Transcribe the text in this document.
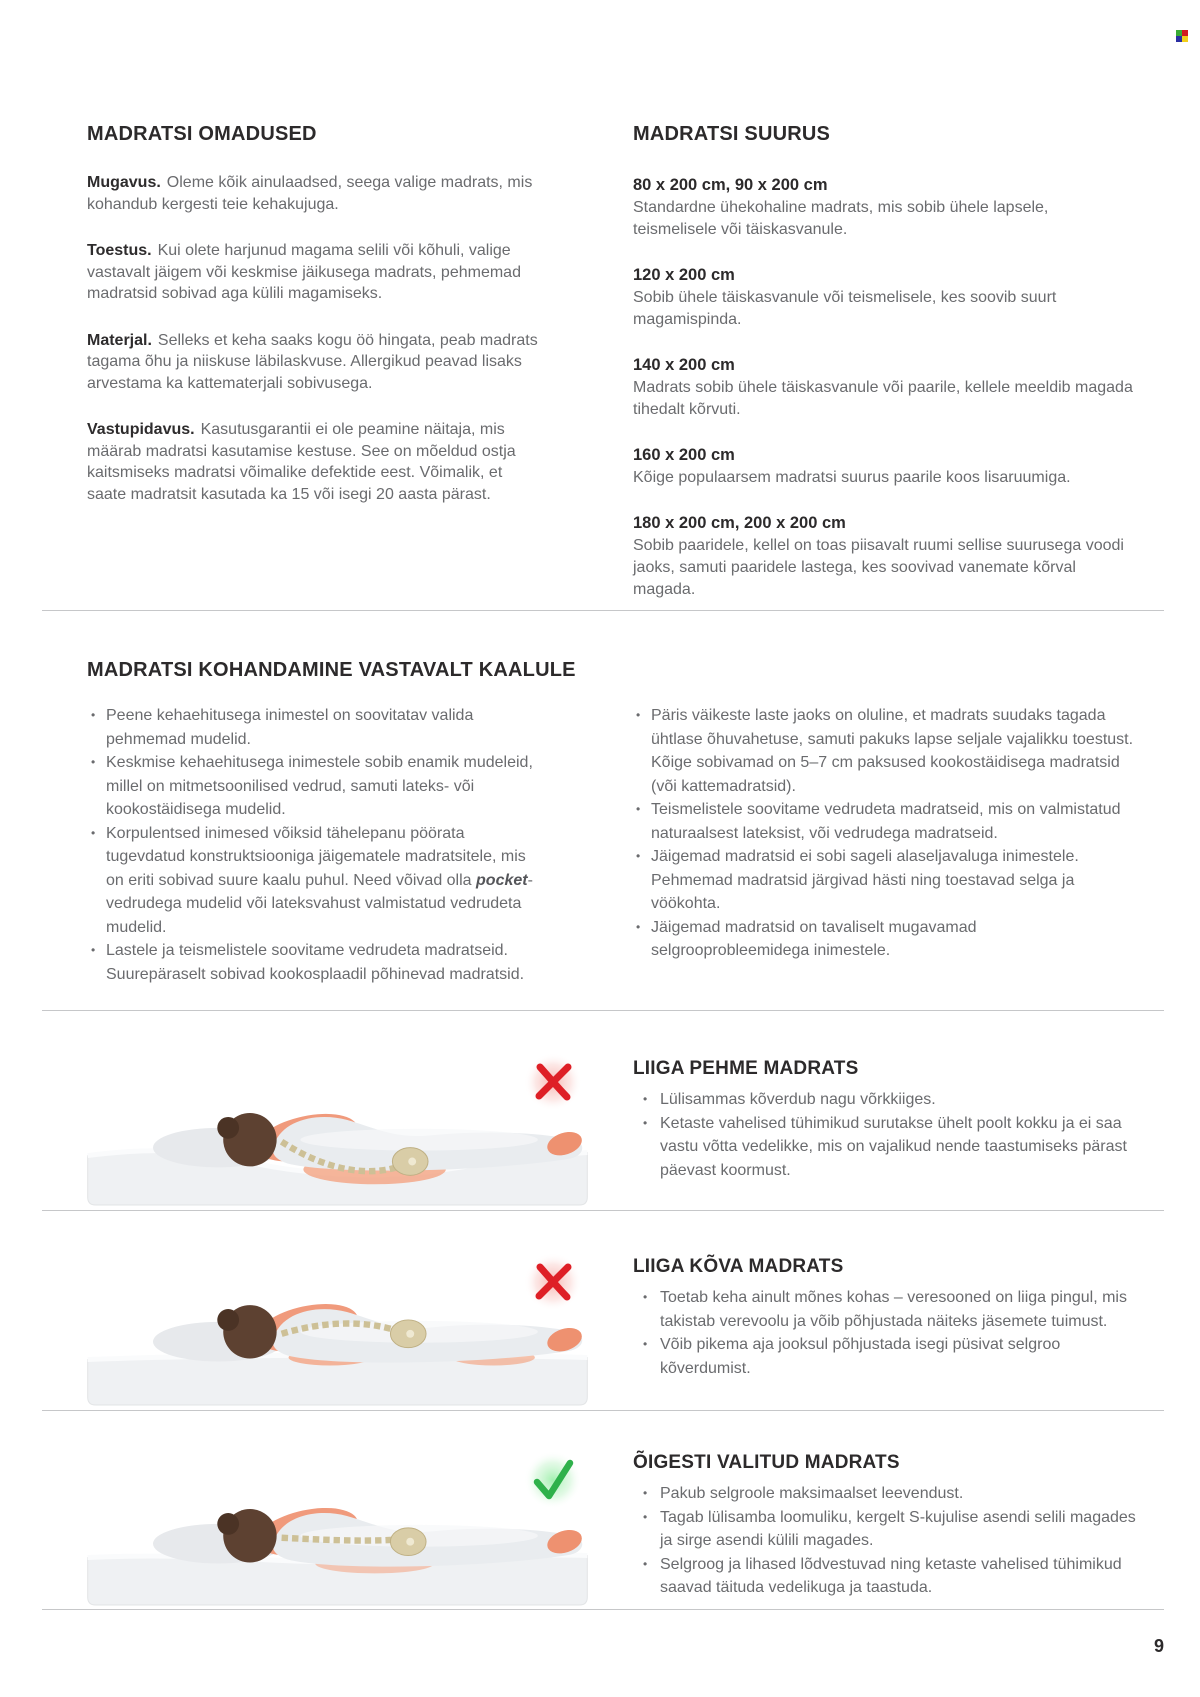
MADRATSI OMADUSED

Mugavus. Oleme kõik ainulaadsed, seega valige madrats, mis kohandub kergesti teie kehakujuga.

Toestus. Kui olete harjunud magama selili või kõhuli, valige vastavalt jäigem või keskmise jäikusega madrats, pehmemad madratsid sobivad aga külili magamiseks.

Materjal. Selleks et keha saaks kogu öö hingata, peab madrats tagama õhu ja niiskuse läbilaskvuse. Allergikud peavad lisaks arvestama ka kattematerjali sobivusega.

Vastupidavus. Kasutusgarantii ei ole peamine näitaja, mis määrab madratsi kasutamise kestuse. See on mõeldud ostja kaitsmiseks madratsi võimalike defektide eest. Võimalik, et saate madratsit kasutada ka 15 või isegi 20 aasta pärast.

MADRATSI SUURUS
80 x 200 cm, 90 x 200 cm

Standardne ühekohaline madrats, mis sobib ühele lapsele, teismelisele või täiskasvanule.

120 x 200 cm

Sobib ühele täiskasvanule või teismelisele, kes soovib suurt magamispinda.

140 x 200 cm

Madrats sobib ühele täiskasvanule või paarile, kellele meeldib magada tihedalt kõrvuti.

160 x 200 cm

Kõige populaarsem madratsi suurus paarile koos lisaruumiga.

180 x 200 cm, 200 x 200 cm

Sobib paaridele, kellel on toas piisavalt ruumi sellise suurusega voodi jaoks, samuti paaridele lastega, kes soovivad vanemate kõrval magada.

MADRATSI KOHANDAMINE VASTAVALT KAALULE
• Peene kehaehitusega inimestel on soovitatav valida pehmemad mudelid.
• Keskmise kehaehitusega inimestele sobib enamik mudeleid, millel on mitmetsoonilised vedrud, samuti lateks- või kookostäidisega mudelid.
• Korpulentsed inimesed võiksid tähelepanu pöörata tugevdatud konstruktsiooniga jäigematele madratsitele, mis on eriti sobivad suure kaalu puhul. Need võivad olla pocket-vedrudega mudelid või lateksvahust valmistatud vedrudeta mudelid.
• Lastele ja teismelistele soovitame vedrudeta madratseid. Suurepäraselt sobivad kookosplaadil põhinevad madratsid.
• Päris väikeste laste jaoks on oluline, et madrats suudaks tagada ühtlase õhuvahetuse, samuti pakuks lapse seljale vajalikku toestust. Kõige sobivamad on 5–7 cm paksused kookostäidisega madratsid (või kattemadratsid).
• Teismelistele soovitame vedrudeta madratseid, mis on valmistatud naturaalsest lateksist, või vedrudega madratseid.
• Jäigemad madratsid ei sobi sageli alaseljavaluga inimestele. Pehmemad madratsid järgivad hästi ning toestavad selga ja vöökohta.
• Jäigemad madratsid on tavaliselt mugavamad selgrooprobleemidega inimestele.
LIIGA PEHME MADRATS
• Lülisammas kõverdub nagu võrkkiiges.
• Ketaste vahelised tühimikud surutakse ühelt poolt kokku ja ei saa vastu võtta vedelikke, mis on vajalikud nende taastumiseks pärast päevast koormust.
LIIGA KÕVA MADRATS
• Toetab keha ainult mõnes kohas – veresooned on liiga pingul, mis takistab verevoolu ja võib põhjustada näiteks jäsemete tuimust.
• Võib pikema aja jooksul põhjustada isegi püsivat selgroo kõverdumist.
ÕIGESTI VALITUD MADRATS
• Pakub selgroole maksimaalset leevendust.
• Tagab lülisamba loomuliku, kergelt S-kujulise asendi selili magades ja sirge asendi külili magades.
• Selgroog ja lihased lõdvestuvad ning ketaste vahelised tühimikud saavad täituda vedelikuga ja taastuda.
9
